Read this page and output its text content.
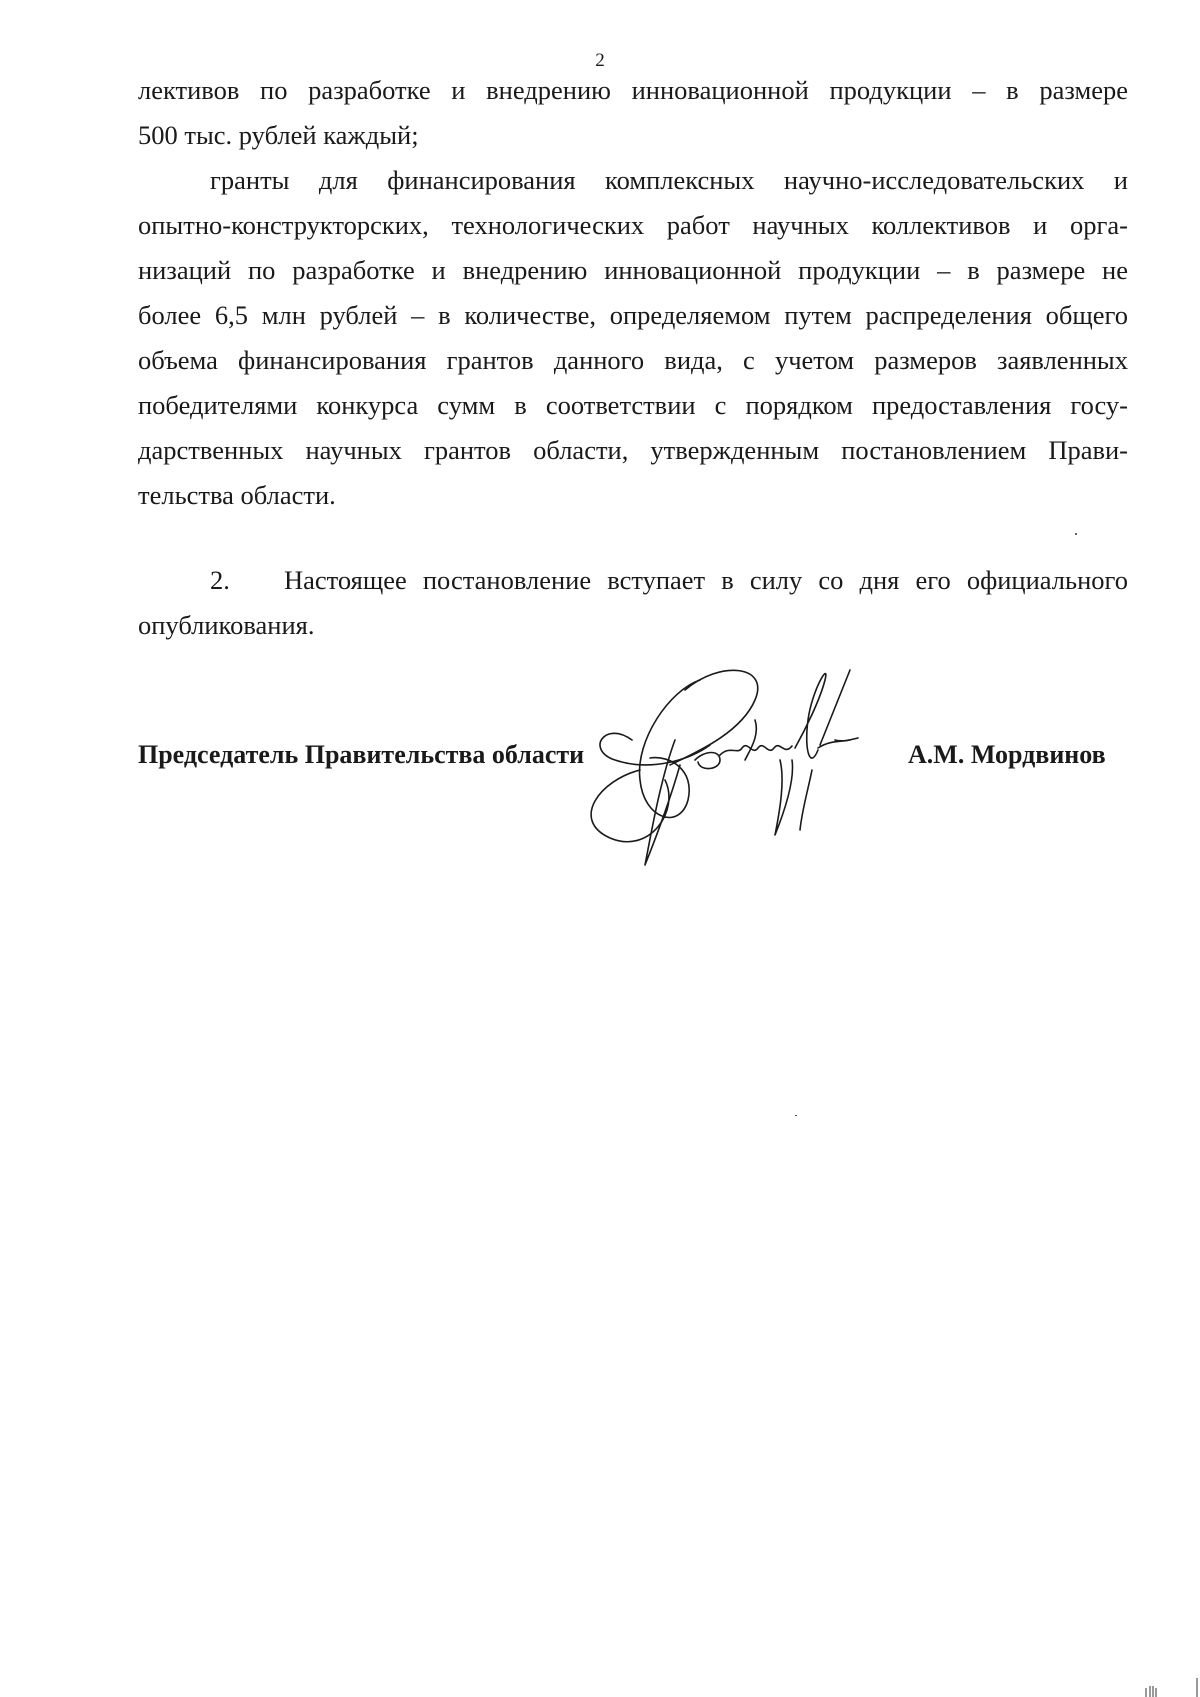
2
лективов по разработке и внедрению инновационной продукции – в размере
500 тыс. рублей каждый;
гранты для финансирования комплексных научно-исследовательских и
опытно-конструкторских, технологических работ научных коллективов и орга-
низаций по разработке и внедрению инновационной продукции – в размере не
более 6,5 млн рублей – в количестве, определяемом путем распределения общего
объема финансирования грантов данного вида, с учетом размеров заявленных
победителями конкурса сумм в соответствии с порядком предоставления госу-
дарственных научных грантов области, утвержденным постановлением Прави-
тельства области.
2. Настоящее постановление вступает в силу со дня его официального
опубликования.
Председатель Правительства области	А.М. Мордвинов
